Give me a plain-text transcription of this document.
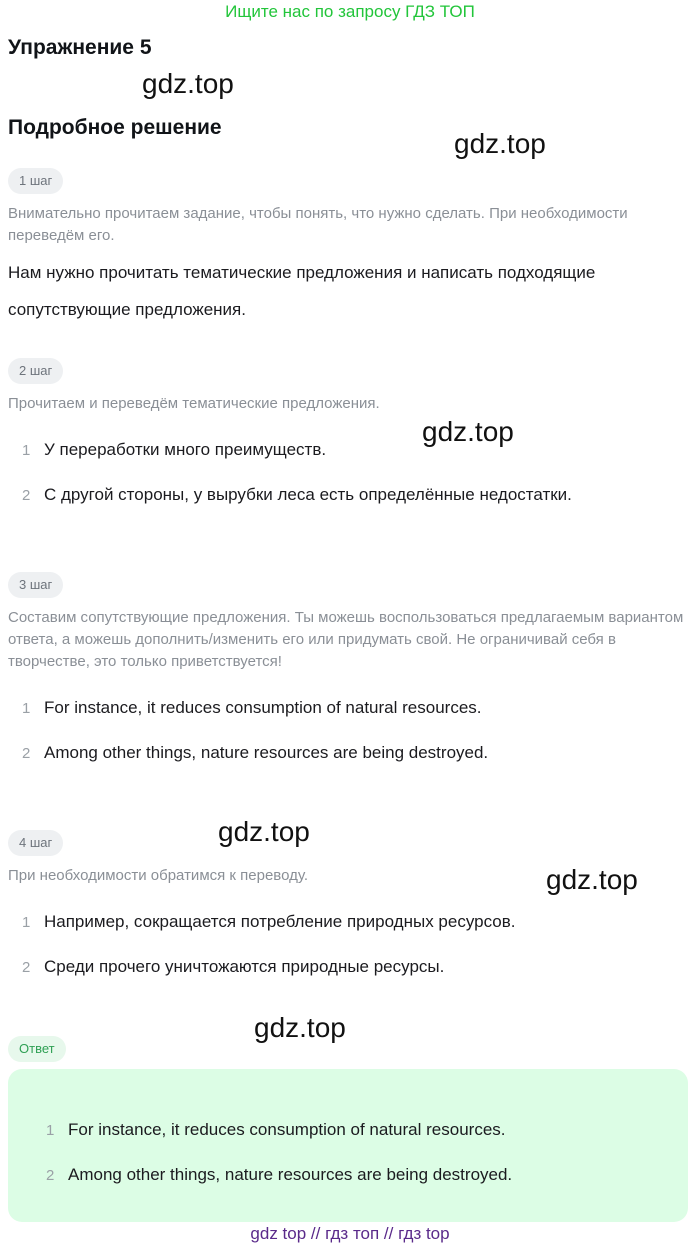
Ищите нас по запросу ГДЗ ТОП
Упражнение 5
gdz.top
Подробное решение
gdz.top
1 шаг
Внимательно прочитаем задание, чтобы понять, что нужно сделать. При необходимости переведём его.
Нам нужно прочитать тематические предложения и написать подходящие сопутствующие предложения.
2 шаг
Прочитаем и переведём тематические предложения.
gdz.top
1 У переработки много преимуществ.
2 С другой стороны, у вырубки леса есть определённые недостатки.
3 шаг
Составим сопутствующие предложения. Ты можешь воспользоваться предлагаемым вариантом ответа, а можешь дополнить/изменить его или придумать свой. Не ограничивай себя в творчестве, это только приветствуется!
1 For instance, it reduces consumption of natural resources.
2 Among other things, nature resources are being destroyed.
gdz.top
4 шаг
При необходимости обратимся к переводу.	gdz.top
1 Например, сокращается потребление природных ресурсов.
2 Среди прочего уничтожаются природные ресурсы.
gdz.top
Ответ
1 For instance, it reduces consumption of natural resources.
2 Among other things, nature resources are being destroyed.
gdz top // гдз топ // гдз top
